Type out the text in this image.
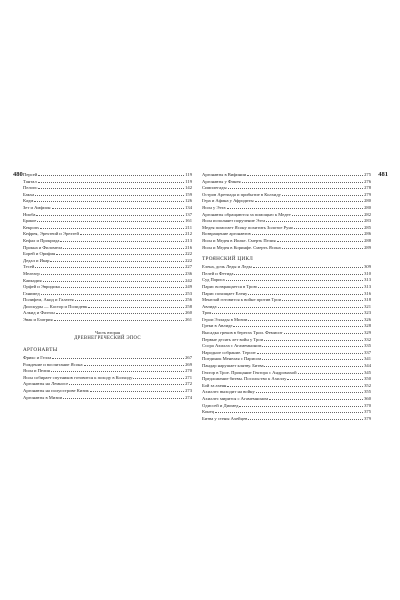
480	481
Персей	119
Тантал	119
Пелопс	142
Бакха	159
Кадм	126
Зет и Амфион	134
Ниоба	137
Бракоe	161
Кекропs	211
Кефрея, Эрехтеий и Эрехтей	212
Кефал и Прокрида	213
Прокна и Филомела	216
Борей и Орифия	222
Дедал и Икар	222
Тесей	227
Мелеагр	236
Каикадия	242
Орфей и Эвридика	249
Ганимед	253
Полифем, Акид и Галатея	256
Диоскуры — Кастор и Полидевк	258
Алкид и Фаэтон	260
Эвак и Бэатрия	261
Часть вторая
ДРЕВНЕГРЕЧЕСКИЙ ЭПОС
АРГОНАВТЫ
Фрикс и Гелла	267
Рождение и воспитание Ясона	269
Ясон и Пелия	270
Ясон собирает спутников готовится к походу в Колхиду	271
Аргонавты на Лемносе	272
Аргонавты на полуострове Кизик	273
Аргонавты в Мизии	274
Аргонавты в Вифинии	275
Аргонавты у Финея	276
Симплегады	278
Остров Аретиада и прибытие в Колхиду	279
Гера и Афина у Афродиты	280
Ясон у Ээта	280
Аргонавты обращаются за помощью к Медее	282
Ясон исполняет поручение Ээта	283
Медея помогает Ясону похитить Золотое Руно	285
Возвращение аргонавтов	286
Ясон и Медея в Иолке. Смерть Пелия	288
Ясон и Медея в Коринфе. Смерть Ясона	289
ТРОЯНСКИЙ ЦИКЛ
Елена, дочь Леды и Леды	309
Пелей и Фетида	310
Суд Париса	313
Парис возвращается в Трою	313
Парис похищает Елену	316
Менелай готовится к войне против Трои	318
Авлида	321
Троя	323
Герои Эллады в Мизии	326
Греки в Авлиде	328
Высадка греков в берегах Трои. Фемисит	329
Первые десять лет войн у Трои	332
Ссора Ахилла с Агамемноном	335
Народное собрание. Терсит	337
Поединок Менелая с Парисом	341
Пандар нарушает клятву. Битва	344
Гектор в Трое. Прощание Гектора с Андромахой	345
Предложение битвы. Посольство к Ахиллу	350
Бой за ахеян	352
Ахиллес выходит на войну	355
Ахиллес мирится с Агамемноном	360
Одиссей и Диомед	370
Конец	375
Битва у стены Ахейцев	379
